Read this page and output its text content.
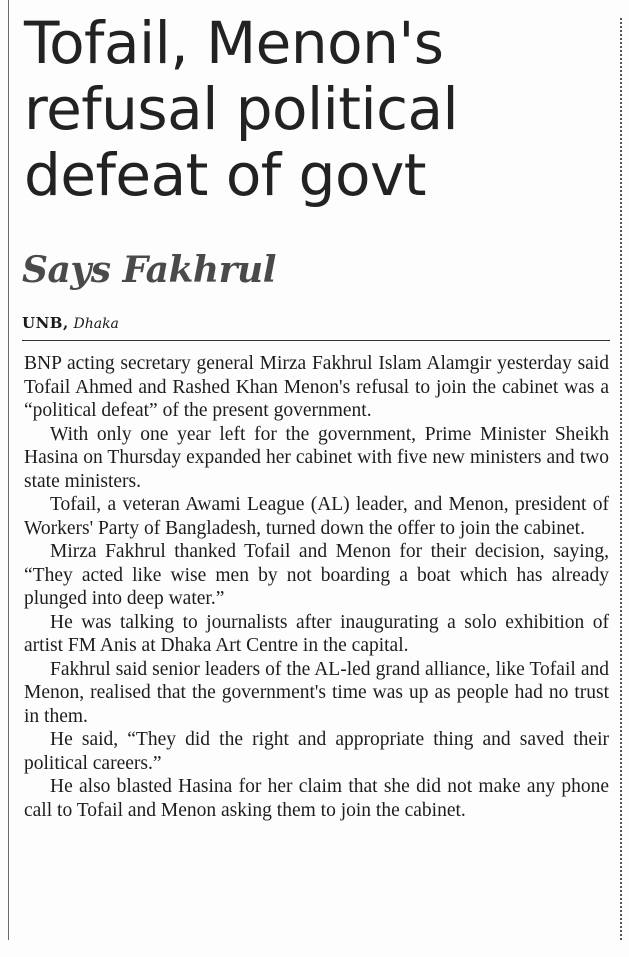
Tofail, Menon's refusal political defeat of govt
Says Fakhrul
UNB, Dhaka

BNP acting secretary general Mirza Fakhrul Islam Alamgir yesterday said Tofail Ahmed and Rashed Khan Menon's refusal to join the cabinet was a “political defeat” of the present government.

With only one year left for the government, Prime Minister Sheikh Hasina on Thursday expanded her cabinet with five new ministers and two state ministers.

Tofail, a veteran Awami League (AL) leader, and Menon, president of Workers' Party of Bangladesh, turned down the offer to join the cabinet.

Mirza Fakhrul thanked Tofail and Menon for their decision, saying, “They acted like wise men by not boarding a boat which has already plunged into deep water.”

He was talking to journalists after inaugurating a solo exhibition of artist FM Anis at Dhaka Art Centre in the capital.

Fakhrul said senior leaders of the AL-led grand alliance, like Tofail and Menon, realised that the government's time was up as people had no trust in them.

He said, “They did the right and appropriate thing and saved their political careers.”

He also blasted Hasina for her claim that she did not make any phone call to Tofail and Menon asking them to join the cabinet.
